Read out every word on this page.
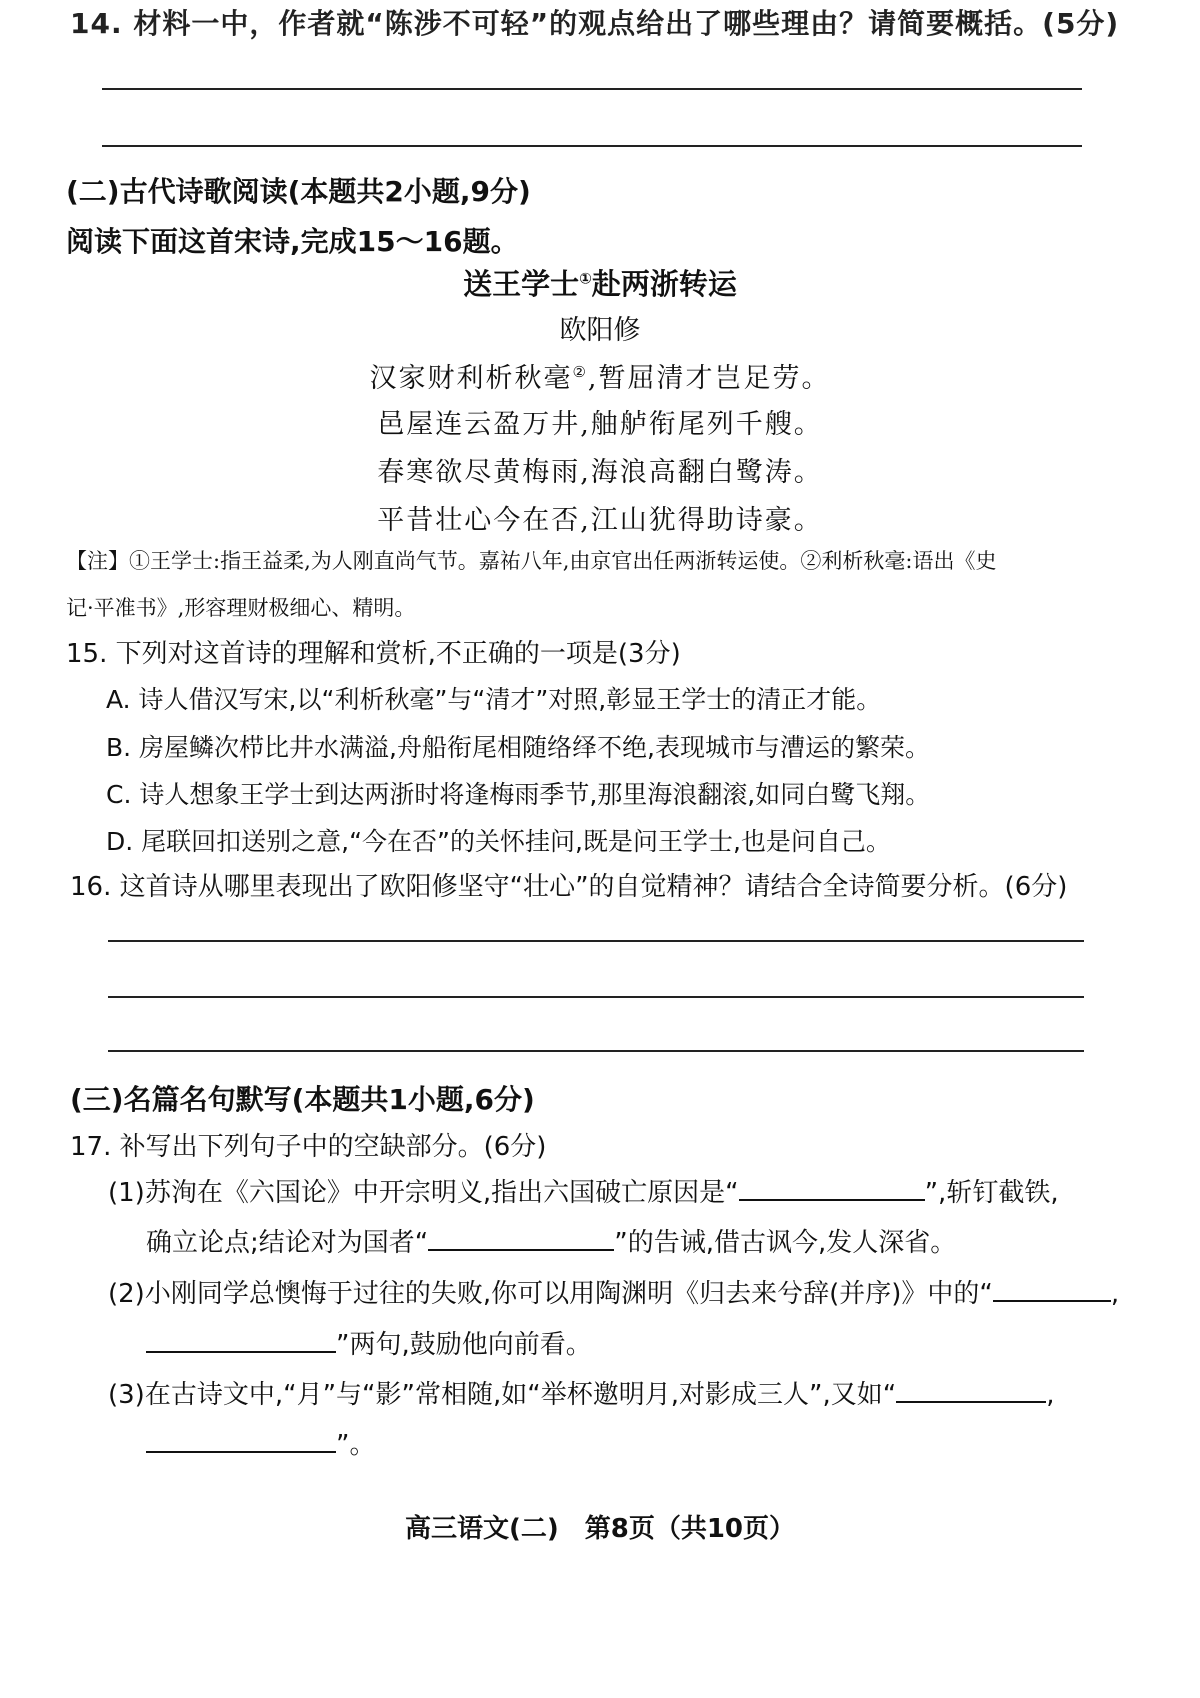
14. 材料一中，作者就“陈涉不可轻”的观点给出了哪些理由？请简要概括。(5分)
(二)古代诗歌阅读(本题共2小题,9分)
阅读下面这首宋诗,完成15～16题。
送王学士①赴两浙转运
欧阳修
汉家财利析秋毫②,暂屈清才岂足劳。
邑屋连云盈万井,舳舻衔尾列千艘。
春寒欲尽黄梅雨,海浪高翻白鹭涛。
平昔壮心今在否,江山犹得助诗豪。
【注】①王学士:指王益柔,为人刚直尚气节。嘉祐八年,由京官出任两浙转运使。②利析秋毫:语出《史
记·平准书》,形容理财极细心、精明。
15. 下列对这首诗的理解和赏析,不正确的一项是(3分)
A. 诗人借汉写宋,以“利析秋毫”与“清才”对照,彰显王学士的清正才能。
B. 房屋鳞次栉比井水满溢,舟船衔尾相随络绎不绝,表现城市与漕运的繁荣。
C. 诗人想象王学士到达两浙时将逢梅雨季节,那里海浪翻滚,如同白鹭飞翔。
D. 尾联回扣送别之意,“今在否”的关怀挂问,既是问王学士,也是问自己。
16. 这首诗从哪里表现出了欧阳修坚守“壮心”的自觉精神？请结合全诗简要分析。(6分)
(三)名篇名句默写(本题共1小题,6分)
17. 补写出下列句子中的空缺部分。(6分)
(1)苏洵在《六国论》中开宗明义,指出六国破亡原因是“	”,斩钉截铁,
确立论点;结论对为国者“	”的告诫,借古讽今,发人深省。
(2)小刚同学总懊悔于过往的失败,你可以用陶渊明《归去来兮辞(并序)》中的“	,
”两句,鼓励他向前看。
(3)在古诗文中,“月”与“影”常相随,如“举杯邀明月,对影成三人”,又如“	,
”。
高三语文(二)　第8页（共10页）
